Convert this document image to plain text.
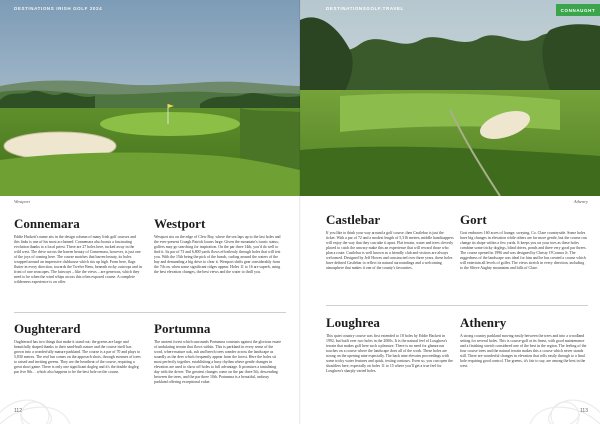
DESTINATIONS IRISH GOLF 2024
Westport
Connemara

Eddie Hackett's name sits in the design column of many Irish golf courses and this links is one of his most acclaimed. Connemara also boasts a fascinating evolution thanks to a local priest. There are 27 holes here, tucked away in the wild west. The drive across the barren beauty of Connemara, however, is just one of the joys of coming here. The course matches that barren beauty, its holes wrapped around an impressive clubhouse which sits up high. From here, flags flutter in every direction, towards the Twelve Bens, beneath rocky outcrops and in front of rare seascapes. The fairways – like the views – are generous, which they need to be when the wind whips across this often exposed course. A complete wilderness experience is on offer.

Westport

Westport sits on the edge of Clew Bay, where the sea laps up to the last holes and the ever-present Croagh Patrick looms large. Given the mountain's iconic status, golfers may go searching for inspiration. On the par three 14th, you'd do well to find it. Its par of 73 and 6,800 yards flows effortlessly through holes that will test you. With the 15th being the pick of the bunch, curling around the waters of the bay and demanding a big drive to clear it. Westport shifts gear considerably from the 7th on, when some significant ridges appear. Holes 11 to 16 are superb, using the best elevation changes, the best views and the water to thrill you.

Oughterard

Oughterard has two things that make it stand out: the greens are large and beautifully shaped thanks to their sand-built nature and the course itself has grown into a wonderfully mature parkland. The course is a par of 70 and plays to 5,830 metres. The real fun comes on the approach shots, through avenues of trees to raised and inviting greens. They are the heartbeat of the course, requiring a great short game. There is only one significant dogleg and it's the double dogleg par five 8th… which also happens to be the best hole on the course.

Portumna

The ancient forest which surrounds Portumna contrasts against the glorious estate of undulating terrain that flows within. This is parkland in every sense of the word, where mature oak, ash and beech trees wander across the landscape as soundly as the deer which frequently appear from the forest. Here the holes sit most perfectly together, establishing a busy rhythm where gentle changes in elevation are used to show off holes to full advantage. It promises a tantalising day with the driver. The greatest changes come on the par three 5th, descending between the trees, and the par three 10th. Portumna is a beautiful, unfussy parkland offering exceptional value.

112
DESTINATIONSGOLF.TRAVEL	CONNAUGHT
Athenry
Castlebar

If you like to think your way around a golf course, then Castlebar is just the ticket. With a par of 72 and a modest length of 5,316 metres, middle handicappers will enjoy the way that they can take it apart. Flat terrain, water and trees cleverly placed to catch the unwary make this an experience that will reward those who plan a route. Castlebar is well known as a friendly club and visitors are always welcomed. Designed by Jeff Howes and constructed over three years, these holes have defined Castlebar to reflect its natural surroundings and a welcoming atmosphere that makes it one of the county's favourites.

Gort

Gort embraces 160 acres of lounge, swaying, Co. Clare countryside. Some holes have big changes in elevation while others are far more gentle, but the course can change its shape within a few yards. It keeps you on your toes as these holes combine some tricky doglegs, blind drives, ponds and three very good par threes. The course opened in 1996 and was designed by Christy O'Connor Jr. The ruggedness of the landscape was ideal for him and he has created a course which will entertain all levels of golfer. The views stretch in every direction, including to the Slieve Aughty mountains and hills of Clare.

Loughrea

This quiet country course was first extended to 18 holes by Eddie Hackett in 1992, but built over two holes in the 2000s. It is the natural feel of Loughrea's terrain that makes golf here such a pleasure. There is no need for glamorous touches on a course where the landscape does all of the work. These holes are strong on the opening nine especially. The back nine elevates proceedings with some tricky water features and quick, testing contours. Even so, you can open the shoulders here, especially on holes 11 to 15 where you'll get a true feel for Loughrea's sharply varied holes.

Athenry

A strong country parkland moving easily between the trees and into a woodland setting for several holes. This is course-golf at its finest, with good maintenance and a finishing stretch considered one of the best in the region. The feeling of the four course trees and the natural terrain makes this a course which never stands still. There are wonderful changes in elevation that rolls easily through to a final hole requiring good control. The greens, it's fair to say, are among the best in the west.

113
